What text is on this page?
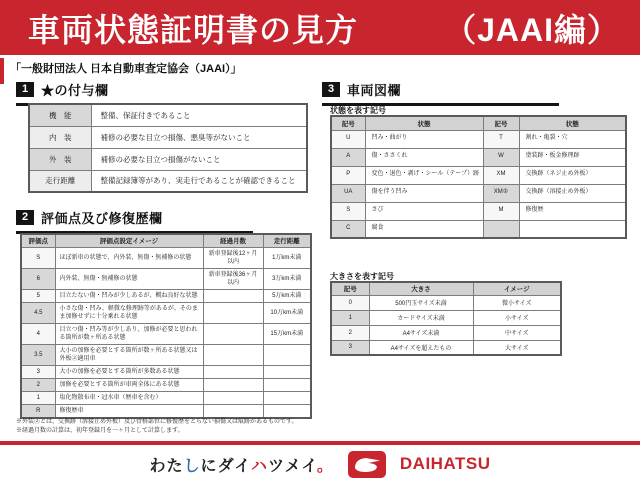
車両状態証明書の見方	（JAAI編）
「一般財団法人 日本自動車査定協会（JAAI）」
1 ★の付与欄
機　能	整備、保証付きであること
内　装	補修の必要な目立つ損傷、悪臭等がないこと
外　装	補修の必要な目立つ損傷がないこと
走行距離	整備記録簿等があり、実走行であることが確認できること
2 評価点及び修復歴欄
評価点	評価点設定イメージ	経過月数	走行距離
S	ほぼ新車の状態で、内外装、無傷・無補修の状態	新車登録後12ヶ月以内	1万km未満
6	内外装、無傷・無補修の状態	新車登録後36ヶ月以内	3万km未満
5	目立たない傷・凹みが少しあるが、概ね良好な状態		5万km未満
4.5	小さな傷・凹み、軽微な修理跡等があるが、そのまま加修せずに十分乗れる状態		10万km未満
4	目立つ傷・凹み等が少しあり、加修が必要と思われる箇所が数ヶ所ある状態		15万km未満
3.5	大小の加修を必要とする箇所が数ヶ所ある状態又は外板②適用車		
3	大小の加修を必要とする箇所が多数ある状態		
2	加修を必要とする箇所が車両全体にある状態		
1	塩化物散布車・冠水車（歴車を含む）		
R	修復歴車		
3 車両図欄
状態を表す記号
記号	状態	記号	状態
U	凹み・曲がり	T	割れ・亀裂・穴
A	傷・ささくれ	W	塗装跡・板金修理跡
P	変色・退色・剥げ・シール（テープ）跡	XM	交換跡（ネジ止め外板）
UA	傷を伴う凹み	XM②	交換跡（溶接止め外板）
S	さび	M	修復歴
C	腐食		
大きさを表す記号
記号	大きさ	イメージ
0	500円玉サイズ未満	微小サイズ
1	カードサイズ未満	小サイズ
2	A4サイズ未満	中サイズ
3	A4サイズを超えたもの	大サイズ
※外装②とは、交換跡（溶接止め外板）及び骨格部位に修復歴をとらない損傷又は痕跡があるものです。
※経過月数の計算は、初年登録月を一ヶ月として計算します。
わたしにダイハツメイ。	DAIHATSU
